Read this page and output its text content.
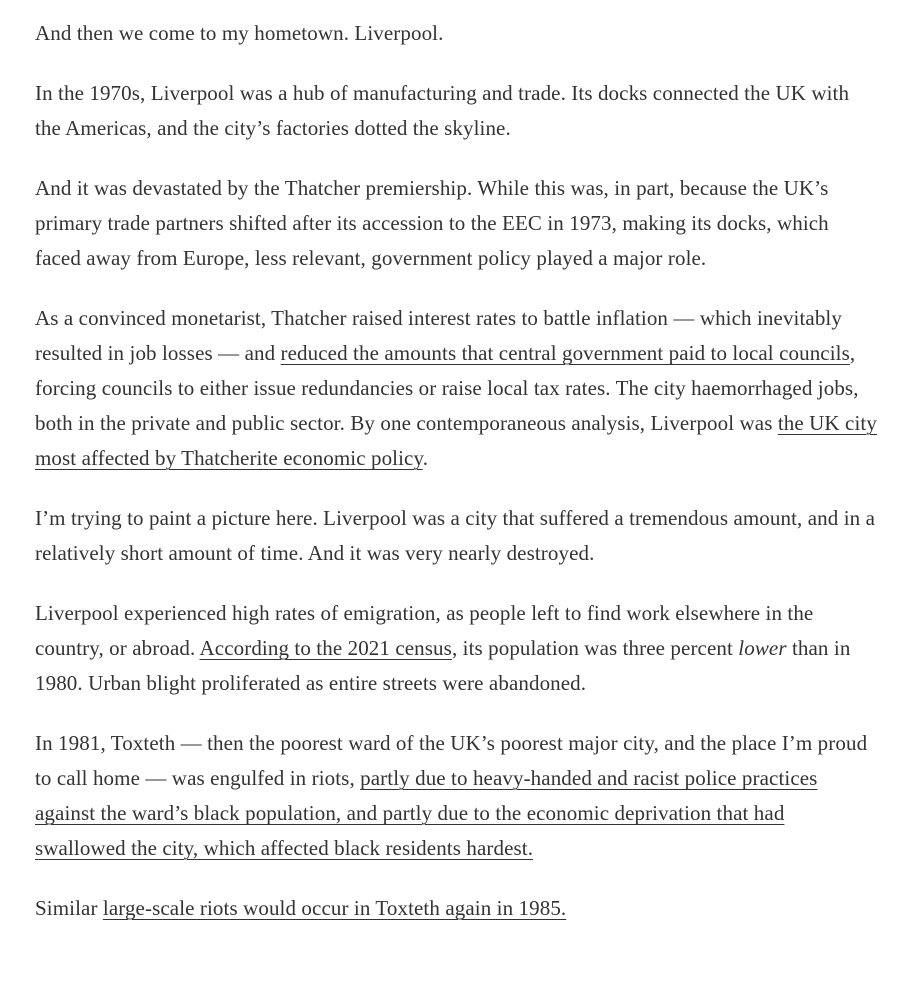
And then we come to my hometown. Liverpool.

In the 1970s, Liverpool was a hub of manufacturing and trade. Its docks connected the UK with the Americas, and the city’s factories dotted the skyline.

And it was devastated by the Thatcher premiership. While this was, in part, because the UK’s primary trade partners shifted after its accession to the EEC in 1973, making its docks, which faced away from Europe, less relevant, government policy played a major role.

As a convinced monetarist, Thatcher raised interest rates to battle inflation — which inevitably resulted in job losses — and reduced the amounts that central government paid to local councils, forcing councils to either issue redundancies or raise local tax rates. The city haemorrhaged jobs, both in the private and public sector. By one contemporaneous analysis, Liverpool was the UK city most affected by Thatcherite economic policy.

I’m trying to paint a picture here. Liverpool was a city that suffered a tremendous amount, and in a relatively short amount of time. And it was very nearly destroyed.

Liverpool experienced high rates of emigration, as people left to find work elsewhere in the country, or abroad. According to the 2021 census, its population was three percent lower than in 1980. Urban blight proliferated as entire streets were abandoned.

In 1981, Toxteth — then the poorest ward of the UK’s poorest major city, and the place I’m proud to call home — was engulfed in riots, partly due to heavy-handed and racist police practices against the ward’s black population, and partly due to the economic deprivation that had swallowed the city, which affected black residents hardest.

Similar large-scale riots would occur in Toxteth again in 1985.
